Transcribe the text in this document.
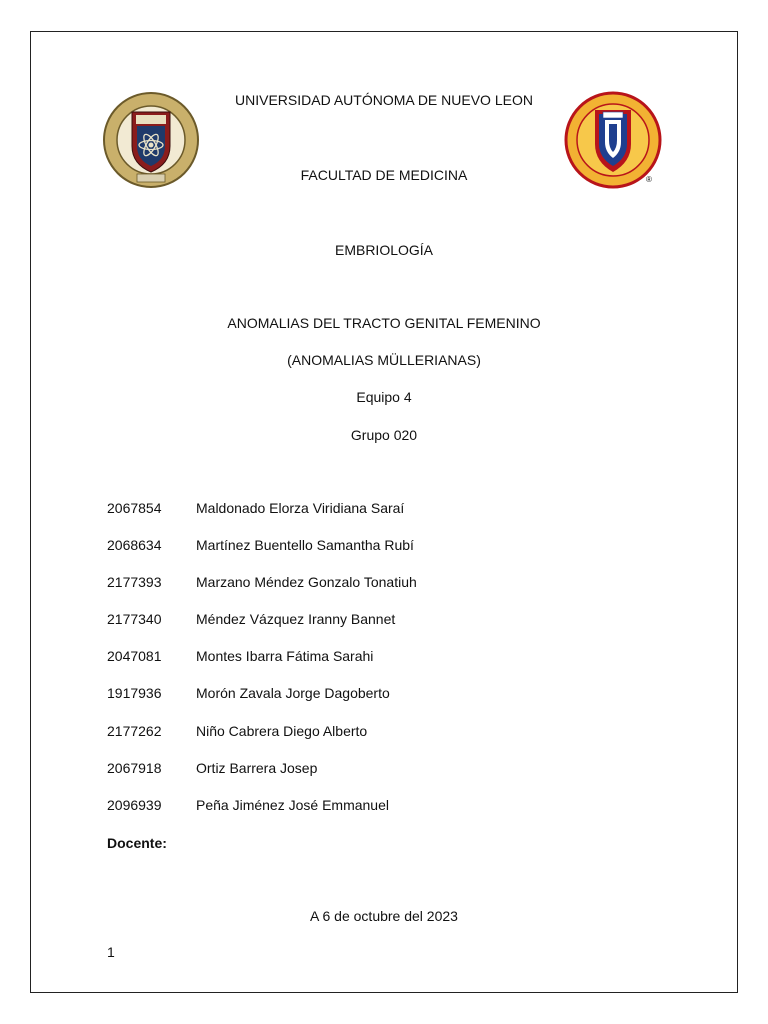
®
UNIVERSIDAD AUTÓNOMA DE NUEVO LEON
FACULTAD DE MEDICINA
EMBRIOLOGÍA
ANOMALIAS DEL TRACTO GENITAL FEMENINO
(ANOMALIAS MÜLLERIANAS)
Equipo 4
Grupo 020
2067854 Maldonado Elorza Viridiana Saraí
2068634 Martínez Buentello Samantha Rubí
2177393 Marzano Méndez Gonzalo Tonatiuh
2177340 Méndez Vázquez Iranny Bannet
2047081 Montes Ibarra Fátima Sarahi
1917936 Morón Zavala Jorge Dagoberto
2177262 Niño Cabrera Diego Alberto
2067918 Ortiz Barrera Josep
2096939 Peña Jiménez José Emmanuel
Docente:
A 6 de octubre del 2023
1
